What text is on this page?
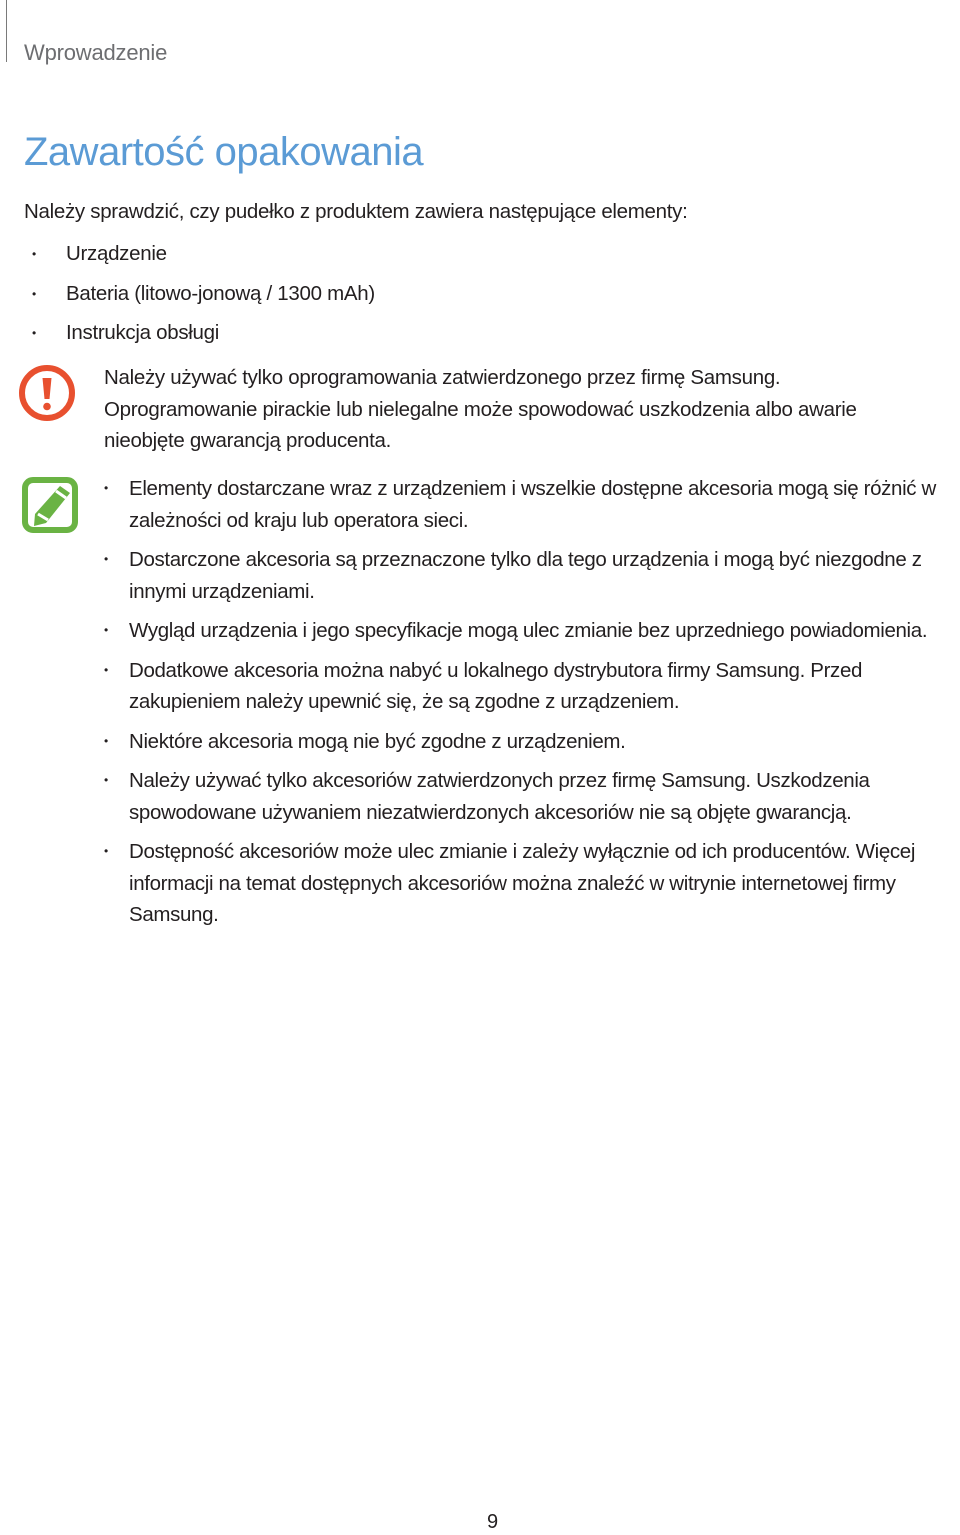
Wprowadzenie
Zawartość opakowania
Należy sprawdzić, czy pudełko z produktem zawiera następujące elementy:
• Urządzenie
• Bateria (litowo-jonową / 1300 mAh)
• Instrukcja obsługi
Należy używać tylko oprogramowania zatwierdzonego przez firmę Samsung. Oprogramowanie pirackie lub nielegalne może spowodować uszkodzenia albo awarie nieobjęte gwarancją producenta.
• Elementy dostarczane wraz z urządzeniem i wszelkie dostępne akcesoria mogą się różnić w zależności od kraju lub operatora sieci.
• Dostarczone akcesoria są przeznaczone tylko dla tego urządzenia i mogą być niezgodne z innymi urządzeniami.
• Wygląd urządzenia i jego specyfikacje mogą ulec zmianie bez uprzedniego powiadomienia.
• Dodatkowe akcesoria można nabyć u lokalnego dystrybutora firmy Samsung. Przed zakupieniem należy upewnić się, że są zgodne z urządzeniem.
• Niektóre akcesoria mogą nie być zgodne z urządzeniem.
• Należy używać tylko akcesoriów zatwierdzonych przez firmę Samsung. Uszkodzenia spowodowane używaniem niezatwierdzonych akcesoriów nie są objęte gwarancją.
• Dostępność akcesoriów może ulec zmianie i zależy wyłącznie od ich producentów. Więcej informacji na temat dostępnych akcesoriów można znaleźć w witrynie internetowej firmy Samsung.
9
